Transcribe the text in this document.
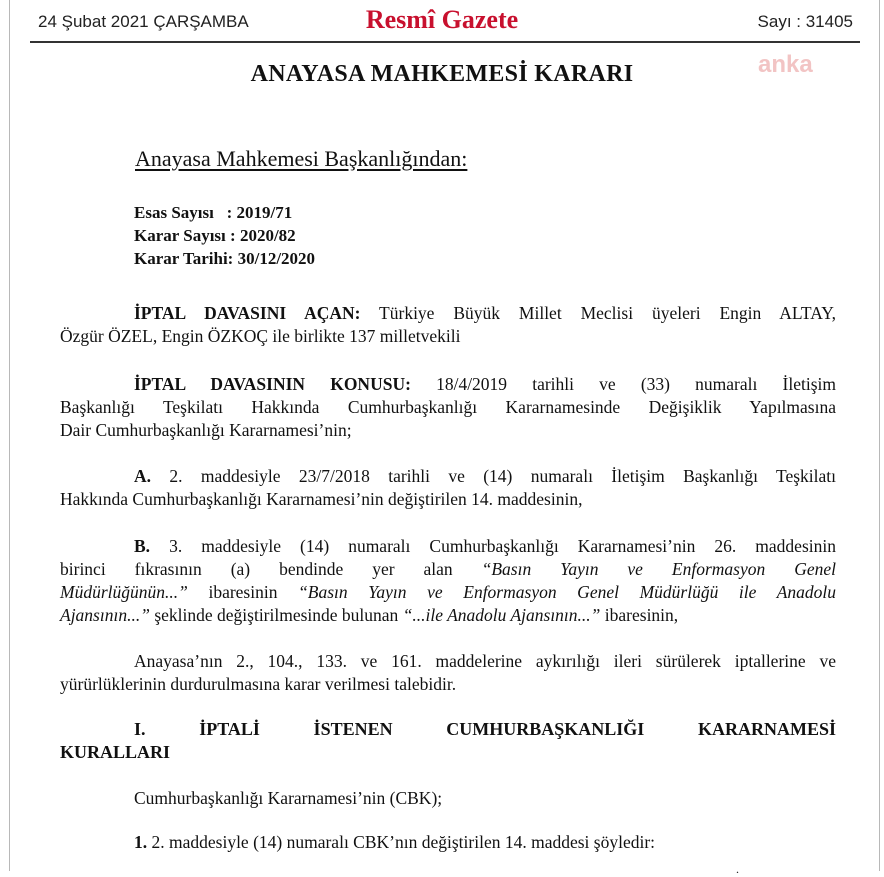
24 Şubat 2021 ÇARŞAMBA	Resmî Gazete	Sayı : 31405
anka
ANAYASA MAHKEMESİ KARARI
Anayasa Mahkemesi Başkanlığından:
Esas Sayısı   : 2019/71
Karar Sayısı : 2020/82
Karar Tarihi: 30/12/2020
İPTAL DAVASINI AÇAN: Türkiye Büyük Millet Meclisi üyeleri Engin ALTAY,
Özgür ÖZEL, Engin ÖZKOÇ ile birlikte 137 milletvekili
İPTAL DAVASININ KONUSU: 18/4/2019 tarihli ve (33) numaralı İletişim
Başkanlığı Teşkilatı Hakkında Cumhurbaşkanlığı Kararnamesinde Değişiklik Yapılmasına
Dair Cumhurbaşkanlığı Kararnamesi’nin;
A. 2. maddesiyle 23/7/2018 tarihli ve (14) numaralı İletişim Başkanlığı Teşkilatı
Hakkında Cumhurbaşkanlığı Kararnamesi’nin değiştirilen 14. maddesinin,
B. 3. maddesiyle (14) numaralı Cumhurbaşkanlığı Kararnamesi’nin 26. maddesinin
birinci fıkrasının (a) bendinde yer alan “Basın Yayın ve Enformasyon Genel
Müdürlüğünün...” ibaresinin “Basın Yayın ve Enformasyon Genel Müdürlüğü ile Anadolu
Ajansının...” şeklinde değiştirilmesinde bulunan “...ile Anadolu Ajansının...” ibaresinin,
Anayasa’nın 2., 104., 133. ve 161. maddelerine aykırılığı ileri sürülerek iptallerine ve
yürürlüklerinin durdurulmasına karar verilmesi talebidir.
I.   İPTALİ   İSTENEN   CUMHURBAŞKANLIĞI   KARARNAMESİ
KURALLARI
Cumhurbaşkanlığı Kararnamesi’nin (CBK);
1. 2. maddesiyle (14) numaralı CBK’nın değiştirilen 14. maddesi şöyledir:
.
